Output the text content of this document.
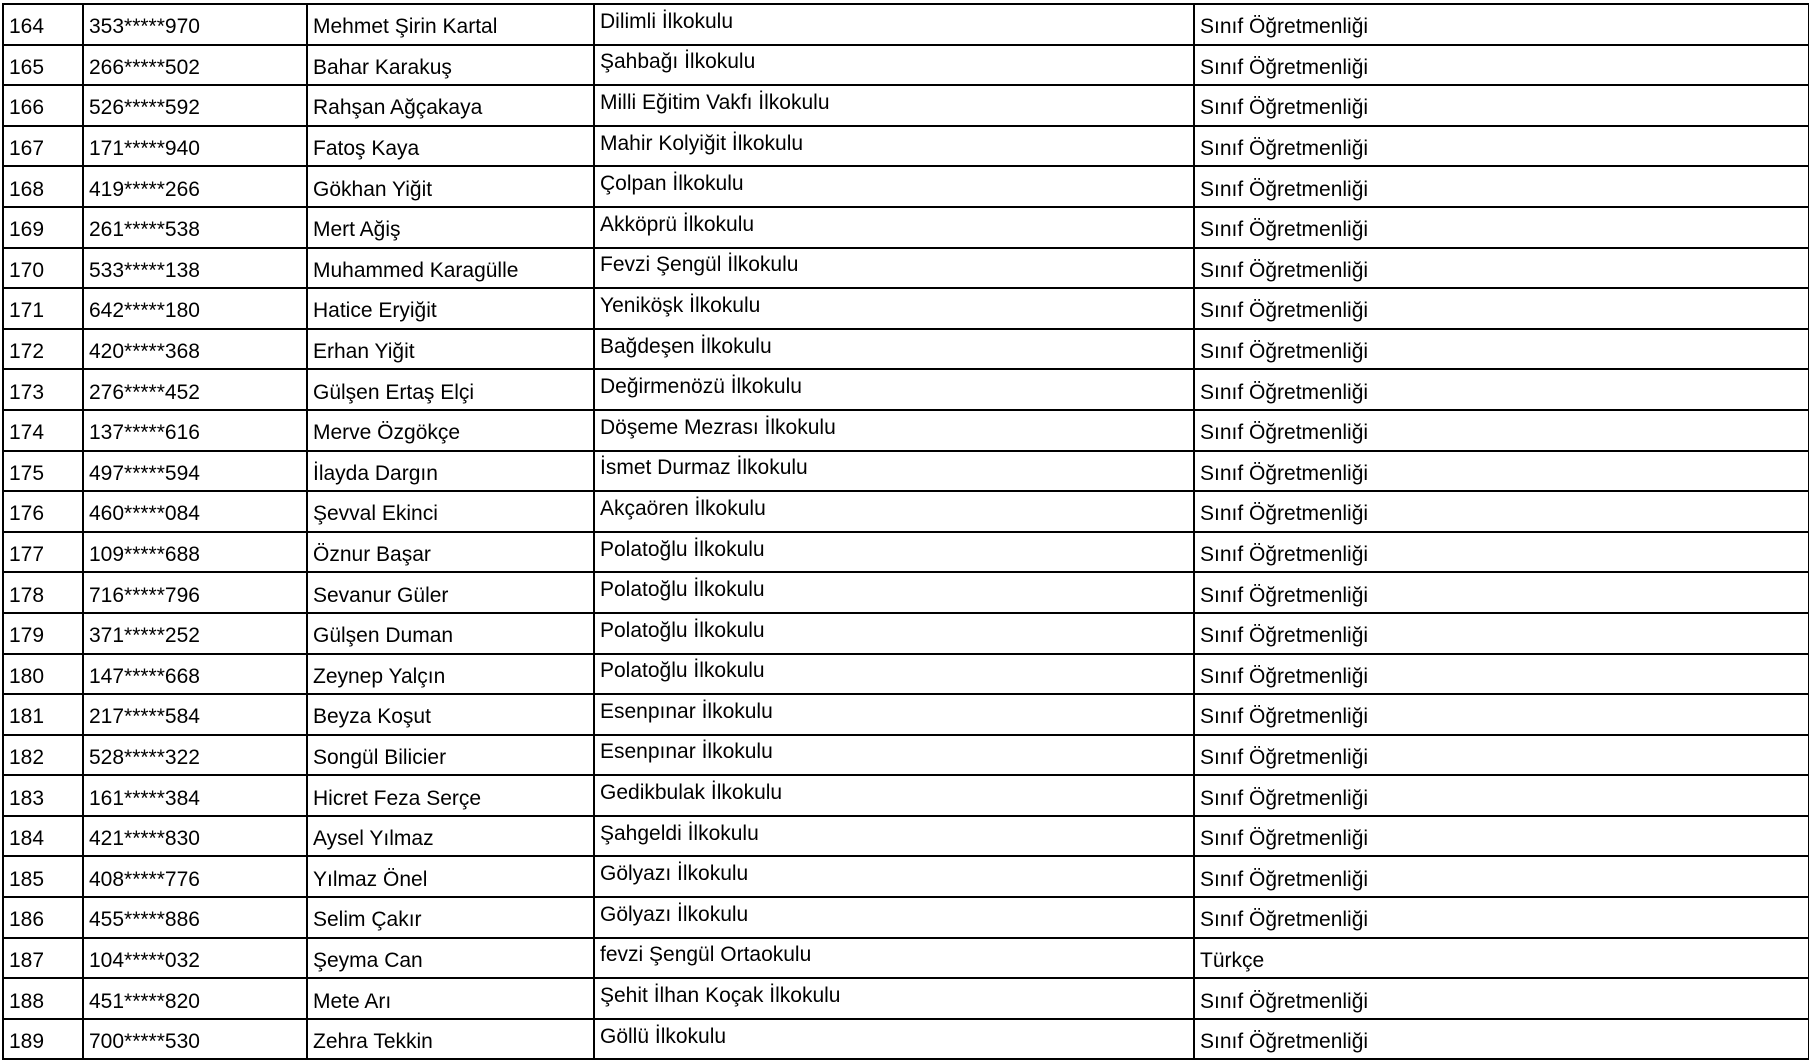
164	353*****970	Mehmet Şirin Kartal	Dilimli İlkokulu	Sınıf Öğretmenliği
165	266*****502	Bahar Karakuş	Şahbağı İlkokulu	Sınıf Öğretmenliği
166	526*****592	Rahşan Ağçakaya	Milli Eğitim Vakfı İlkokulu	Sınıf Öğretmenliği
167	171*****940	Fatoş Kaya	Mahir Kolyiğit İlkokulu	Sınıf Öğretmenliği
168	419*****266	Gökhan Yiğit	Çolpan İlkokulu	Sınıf Öğretmenliği
169	261*****538	Mert Ağiş	Akköprü İlkokulu	Sınıf Öğretmenliği
170	533*****138	Muhammed Karagülle	Fevzi Şengül İlkokulu	Sınıf Öğretmenliği
171	642*****180	Hatice Eryiğit	Yeniköşk İlkokulu	Sınıf Öğretmenliği
172	420*****368	Erhan Yiğit	Bağdeşen İlkokulu	Sınıf Öğretmenliği
173	276*****452	Gülşen Ertaş Elçi	Değirmenözü İlkokulu	Sınıf Öğretmenliği
174	137*****616	Merve Özgökçe	Döşeme Mezrası İlkokulu	Sınıf Öğretmenliği
175	497*****594	İlayda Dargın	İsmet Durmaz İlkokulu	Sınıf Öğretmenliği
176	460*****084	Şevval Ekinci	Akçaören İlkokulu	Sınıf Öğretmenliği
177	109*****688	Öznur Başar	Polatoğlu İlkokulu	Sınıf Öğretmenliği
178	716*****796	Sevanur Güler	Polatoğlu İlkokulu	Sınıf Öğretmenliği
179	371*****252	Gülşen Duman	Polatoğlu İlkokulu	Sınıf Öğretmenliği
180	147*****668	Zeynep Yalçın	Polatoğlu İlkokulu	Sınıf Öğretmenliği
181	217*****584	Beyza Koşut	Esenpınar İlkokulu	Sınıf Öğretmenliği
182	528*****322	Songül Bilicier	Esenpınar İlkokulu	Sınıf Öğretmenliği
183	161*****384	Hicret Feza Serçe	Gedikbulak İlkokulu	Sınıf Öğretmenliği
184	421*****830	Aysel Yılmaz	Şahgeldi İlkokulu	Sınıf Öğretmenliği
185	408*****776	Yılmaz Önel	Gölyazı İlkokulu	Sınıf Öğretmenliği
186	455*****886	Selim Çakır	Gölyazı İlkokulu	Sınıf Öğretmenliği
187	104*****032	Şeyma Can	fevzi Şengül Ortaokulu	Türkçe
188	451*****820	Mete Arı	Şehit İlhan Koçak İlkokulu	Sınıf Öğretmenliği
189	700*****530	Zehra Tekkin	Göllü İlkokulu	Sınıf Öğretmenliği
